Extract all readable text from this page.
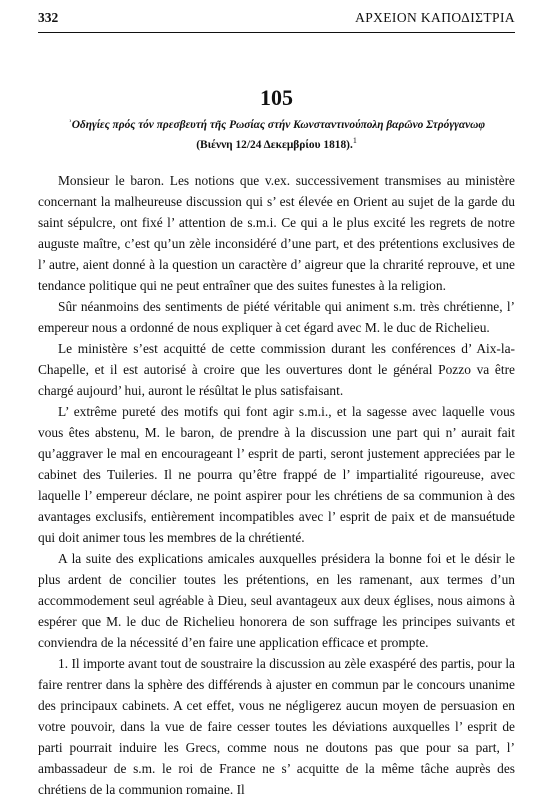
332	ΑΡΧΕΙΟΝ ΚΑΠΟΔΙΣΤΡΙΑ
105
ʾΟδηγίες πρός τόν πρεσβευτή τῆς Ρωσίας στήν Κωνσταντινούπολη βαρῶνο Στρόγγανωφ
(Βιέννη 12/24 Δεκεμβρίου 1818).$^1$

Monsieur le baron. Les notions que v.ex. successivement transmises au ministère concernant la malheureuse discussion qui s’ est élevée en Orient au sujet de la garde du saint sépulcre, ont fixé l’ attention de s.m.i. Ce qui a le plus excité les regrets de notre auguste maître, c’est qu’un zèle inconsidéré d’une part, et des prétentions exclusives de l’ autre, aient donné à la question un caractère d’ aigreur que la chrarité reprouve, et une tendance politique qui ne peut entraîner que des suites funestes à la religion.

Sûr néanmoins des sentiments de piété véritable qui animent s.m. très chrétienne, l’ empereur nous a ordonné de nous expliquer à cet égard avec M. le duc de Richelieu.

Le ministère s’est acquitté de cette commission durant les conférences d’ Aix-la-Chapelle, et il est autorisé à croire que les ouvertures dont le général Pozzo va être chargé aujourd’ hui, auront le résûltat le plus satisfaisant.

L’ extrême pureté des motifs qui font agir s.m.i., et la sagesse avec laquelle vous vous êtes abstenu, M. le baron, de prendre à la discussion une part qui n’ aurait fait qu’aggraver le mal en encourageant l’ esprit de parti, seront justement appreciées par le cabinet des Tuileries. Il ne pourra qu’être frappé de l’ impartialité rigoureuse, avec laquelle l’ empereur déclare, ne point aspirer pour les chrétiens de sa communion à des avantages exclusifs, entièrement incompatibles avec l’ esprit de paix et de mansuétude qui doit animer tous les membres de la chrétienté.

A la suite des explications amicales auxquelles présidera la bonne foi et le désir le plus ardent de concilier toutes les prétentions, en les ramenant, aux termes d’un accommodement seul agréable à Dieu, seul avantageux aux deux églises, nous aimons à espérer que M. le duc de Richelieu honorera de son suffrage les principes suivants et conviendra de la nécessité d’en faire une application efficace et prompte.

1. Il importe avant tout de soustraire la discussion au zèle exaspéré des partis, pour la faire rentrer dans la sphère des différends à ajuster en commun par le concours unanime des principaux cabinets. A cet effet, vous ne négligerez aucun moyen de persuasion en votre pouvoir, dans la vue de faire cesser toutes les déviations auxquelles l’ esprit de parti pourrait induire les Grecs, comme nous ne doutons pas que pour sa part, l’ ambassadeur de s.m. le roi de France ne s’ acquitte de la même tâche auprès des chrétiens de la communion romaine. Il
